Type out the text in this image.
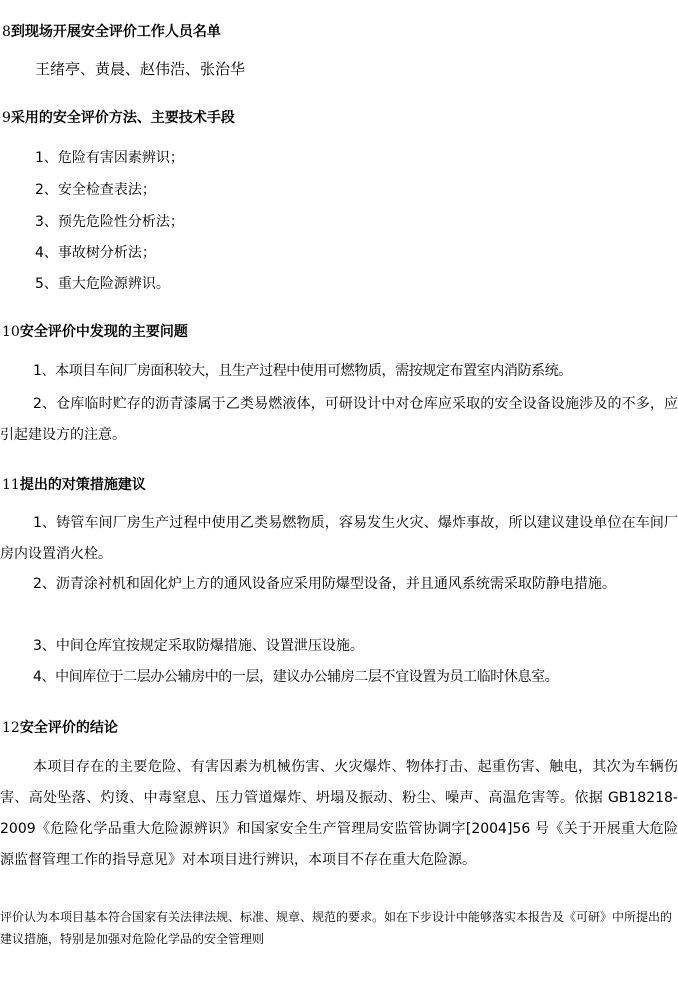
8到现场开展安全评价工作人员名单
王绪亭、黄晨、赵伟浩、张治华
9采用的安全评价方法、主要技术手段
1、危险有害因素辨识；
2、安全检查表法；
3、预先危险性分析法；
4、事故树分析法；
5、重大危险源辨识。
10安全评价中发现的主要问题

1、本项目车间厂房面积较大，且生产过程中使用可燃物质，需按规定布置室内消防系统。

2、仓库临时贮存的沥青漆属于乙类易燃液体，可研设计中对仓库应采取的安全设备设施涉及的不多，应引起建设方的注意。

11提出的对策措施建议

1、铸管车间厂房生产过程中使用乙类易燃物质，容易发生火灾、爆炸事故，所以建议建设单位在车间厂房内设置消火栓。

2、沥青涂衬机和固化炉上方的通风设备应采用防爆型设备，并且通风系统需采取防静电措施。

3、中间仓库宜按规定采取防爆措施、设置泄压设施。

4、中间库位于二层办公辅房中的一层，建议办公辅房二层不宜设置为员工临时休息室。

12安全评价的结论

本项目存在的主要危险、有害因素为机械伤害、火灾爆炸、物体打击、起重伤害、触电，其次为车辆伤害、高处坠落、灼烫、中毒窒息、压力管道爆炸、坍塌及振动、粉尘、噪声、高温危害等。依据 GB18218-2009《危险化学品重大危险源辨识》和国家安全生产管理局安监管协调字[2004]56 号《关于开展重大危险源监督管理工作的指导意见》对本项目进行辨识，本项目不存在重大危险源。

评价认为本项目基本符合国家有关法律法规、标准、规章、规范的要求。如在下步设计中能够落实本报告及《可研》中所提出的建议措施，特别是加强对危险化学品的安全管理则
